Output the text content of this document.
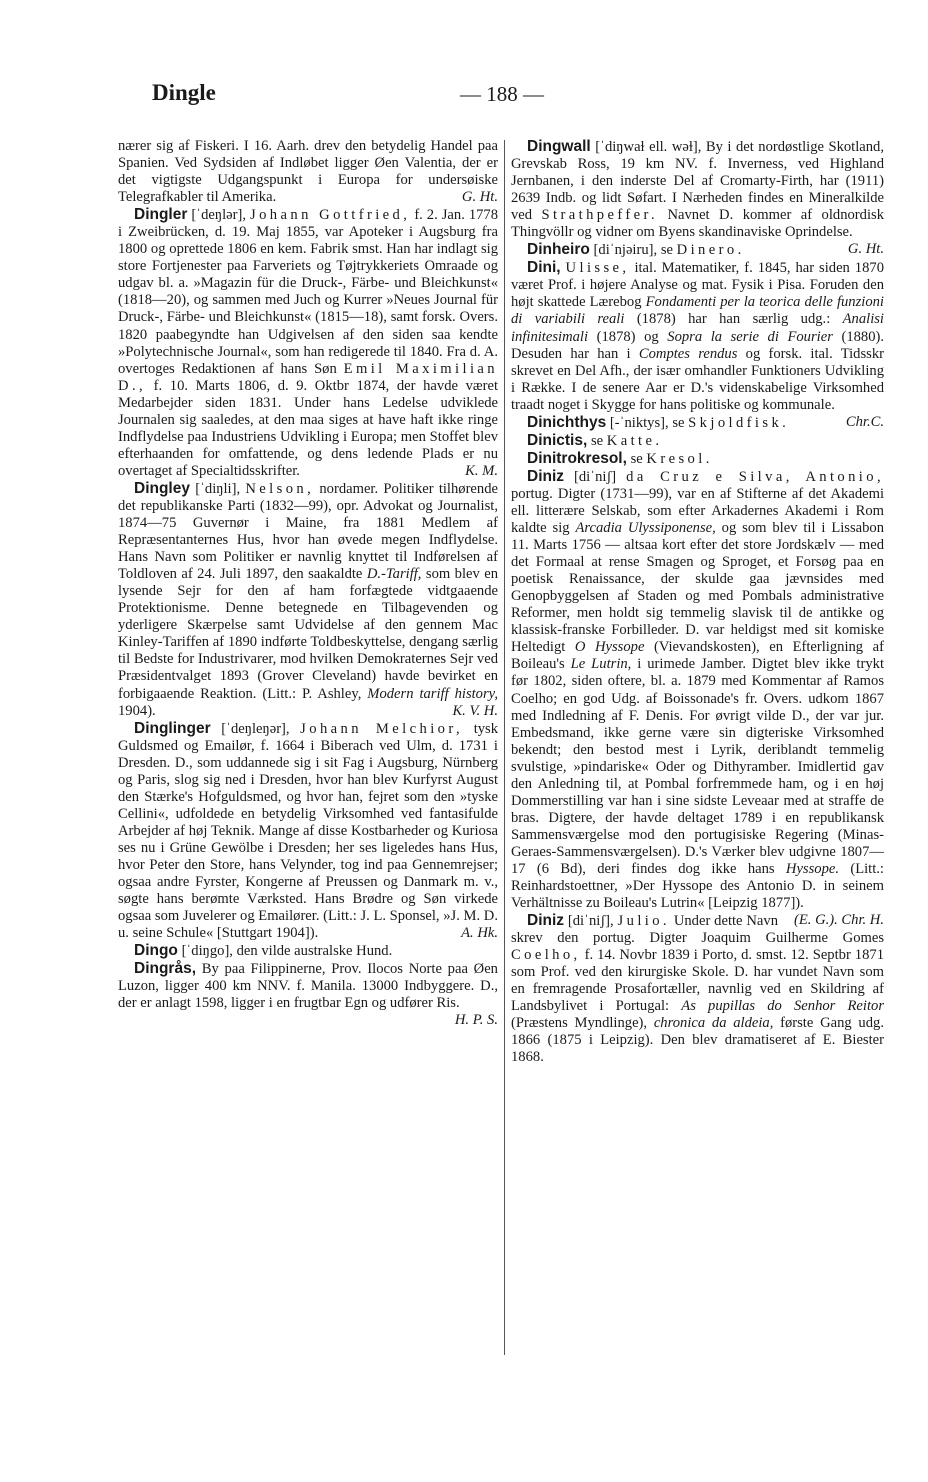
Dingle	— 188 —

nærer sig af Fiskeri. I 16. Aarh. drev den betydelig Handel paa Spanien. Ved Sydsiden af Indløbet ligger Øen Valentia, der er det vigtigste Udgangspunkt i Europa for undersøiske Telegrafkabler til Amerika.	G. Ht.

Dingler [ˈdeŋlər], Johann Gottfried, f. 2. Jan. 1778 i Zweibrücken, d. 19. Maj 1855, var Apoteker i Augsburg fra 1800 og oprettede 1806 en kem. Fabrik smst. Han har indlagt sig store Fortjenester paa Farveriets og Tøjtrykkeriets Omraade og udgav bl. a. »Magazin für die Druck-, Färbe- und Bleichkunst« (1818—20), og sammen med Juch og Kurrer »Neues Journal für Druck-, Färbe- und Bleichkunst« (1815—18), samt forsk. Overs. 1820 paabegyndte han Udgivelsen af den siden saa kendte »Polytechnische Journal«, som han redigerede til 1840. Fra d. A. overtoges Redaktionen af hans Søn Emil Maximilian D., f. 10. Marts 1806, d. 9. Oktbr 1874, der havde været Medarbejder siden 1831. Under hans Ledelse udviklede Journalen sig saaledes, at den maa siges at have haft ikke ringe Indflydelse paa Industriens Udvikling i Europa; men Stoffet blev efterhaanden for omfattende, og dens ledende Plads er nu overtaget af Specialtidsskrifter.	K. M.

Dingley [ˈdiŋli], Nelson, nordamer. Politiker tilhørende det republikanske Parti (1832—99), opr. Advokat og Journalist, 1874—75 Guvernør i Maine, fra 1881 Medlem af Repræsentanternes Hus, hvor han øvede megen Indflydelse. Hans Navn som Politiker er navnlig knyttet til Indførelsen af Toldloven af 24. Juli 1897, den saakaldte D.-Tariff, som blev en lysende Sejr for den af ham forfægtede vidtgaaende Protektionisme. Denne betegnede en Tilbagevenden og yderligere Skærpelse samt Udvidelse af den gennem Mac Kinley-Tariffen af 1890 indførte Toldbeskyttelse, dengang særlig til Bedste for Industrivarer, mod hvilken Demokraternes Sejr ved Præsidentvalget 1893 (Grover Cleveland) havde bevirket en forbigaaende Reaktion. (Litt.: P. Ashley, Modern tariff history, 1904).	K. V. H.

Dinglinger [ˈdeŋleŋər], Johann Melchior, tysk Guldsmed og Emailør, f. 1664 i Biberach ved Ulm, d. 1731 i Dresden. D., som uddannede sig i sit Fag i Augsburg, Nürnberg og Paris, slog sig ned i Dresden, hvor han blev Kurfyrst August den Stærke's Hofguldsmed, og hvor han, fejret som den »tyske Cellini«, udfoldede en betydelig Virksomhed ved fantasifulde Arbejder af høj Teknik. Mange af disse Kostbarheder og Kuriosa ses nu i Grüne Gewölbe i Dresden; her ses ligeledes hans Hus, hvor Peter den Store, hans Velynder, tog ind paa Gennemrejser; ogsaa andre Fyrster, Kongerne af Preussen og Danmark m. v., søgte hans berømte Værksted. Hans Brødre og Søn virkede ogsaa som Juvelerer og Emailører. (Litt.: J. L. Sponsel, »J. M. D. u. seine Schule« [Stuttgart 1904]).	A. Hk.

Dingo [ˈdiŋgo], den vilde australske Hund.

Dingrås, By paa Filippinerne, Prov. Ilocos Norte paa Øen Luzon, ligger 400 km NNV. f. Manila. 13000 Indbyggere. D., der er anlagt 1598, ligger i en frugtbar Egn og udfører Ris.
H. P. S.

Dingwall [ˈdiŋwaɫ ell. wəɫ], By i det nordøstlige Skotland, Grevskab Ross, 19 km NV. f. Inverness, ved Highland Jernbanen, i den inderste Del af Cromarty-Firth, har (1911) 2639 Indb. og lidt Søfart. I Nærheden findes en Mineralkilde ved Strathpeffer. Navnet D. kommer af oldnordisk Thingvöllr og vidner om Byens skandinaviske Oprindelse.
G. Ht.

Dinheiro [diˈnjəiru], se Dinero.

Dini, Ulisse, ital. Matematiker, f. 1845, har siden 1870 været Prof. i højere Analyse og mat. Fysik i Pisa. Foruden den højt skattede Lærebog Fondamenti per la teorica delle funzioni di variabili reali (1878) har han særlig udg.: Analisi infinitesimali (1878) og Sopra la serie di Fourier (1880). Desuden har han i Comptes rendus og forsk. ital. Tidsskr skrevet en Del Afh., der især omhandler Funktioners Udvikling i Række. I de senere Aar er D.'s videnskabelige Virksomhed traadt noget i Skygge for hans politiske og kommunale.
Chr.C.

Dinichthys [-ˈniktys], se Skjoldfisk.

Dinictis, se Katte.

Dinitrokresol, se Kresol.

Diniz [diˈniʃ] da Cruz e Silva, Antonio, portug. Digter (1731—99), var en af Stifterne af det Akademi ell. litterære Selskab, som efter Arkadernes Akademi i Rom kaldte sig Arcadia Ulyssiponense, og som blev til i Lissabon 11. Marts 1756 — altsaa kort efter det store Jordskælv — med det Formaal at rense Smagen og Sproget, et Forsøg paa en poetisk Renaissance, der skulde gaa jævnsides med Genopbyggelsen af Staden og med Pombals administrative Reformer, men holdt sig temmelig slavisk til de antikke og klassisk-franske Forbilleder. D. var heldigst med sit komiske Heltedigt O Hyssope (Vievandskosten), en Efterligning af Boileau's Le Lutrin, i urimede Jamber. Digtet blev ikke trykt før 1802, siden oftere, bl. a. 1879 med Kommentar af Ramos Coelho; en god Udg. af Boissonade's fr. Overs. udkom 1867 med Indledning af F. Denis. For øvrigt vilde D., der var jur. Embedsmand, ikke gerne være sin digteriske Virksomhed bekendt; den bestod mest i Lyrik, deriblandt temmelig svulstige, »pindariske« Oder og Dithyramber. Imidlertid gav den Anledning til, at Pombal forfremmede ham, og i en høj Dommerstilling var han i sine sidste Leveaar med at straffe de bras. Digtere, der havde deltaget 1789 i en republikansk Sammensværgelse mod den portugisiske Regering (Minas-Geraes-Sammensværgelsen). D.'s Værker blev udgivne 1807—17 (6 Bd), deri findes dog ikke hans Hyssope. (Litt.: Reinhardstoettner, »Der Hyssope des Antonio D. in seinem Verhältnisse zu Boileau's Lutrin« [Leipzig 1877]).
(E. G.). Chr. H.

Diniz [diˈniʃ], Julio. Under dette Navn skrev den portug. Digter Joaquim Guilherme Gomes Coelho, f. 14. Novbr 1839 i Porto, d. smst. 12. Septbr 1871 som Prof. ved den kirurgiske Skole. D. har vundet Navn som en fremragende Prosafortæller, navnlig ved en Skildring af Landsbylivet i Portugal: As pupillas do Senhor Reitor (Præstens Myndlinge), chronica da aldeia, første Gang udg. 1866 (1875 i Leipzig). Den blev dramatiseret af E. Biester 1868.
